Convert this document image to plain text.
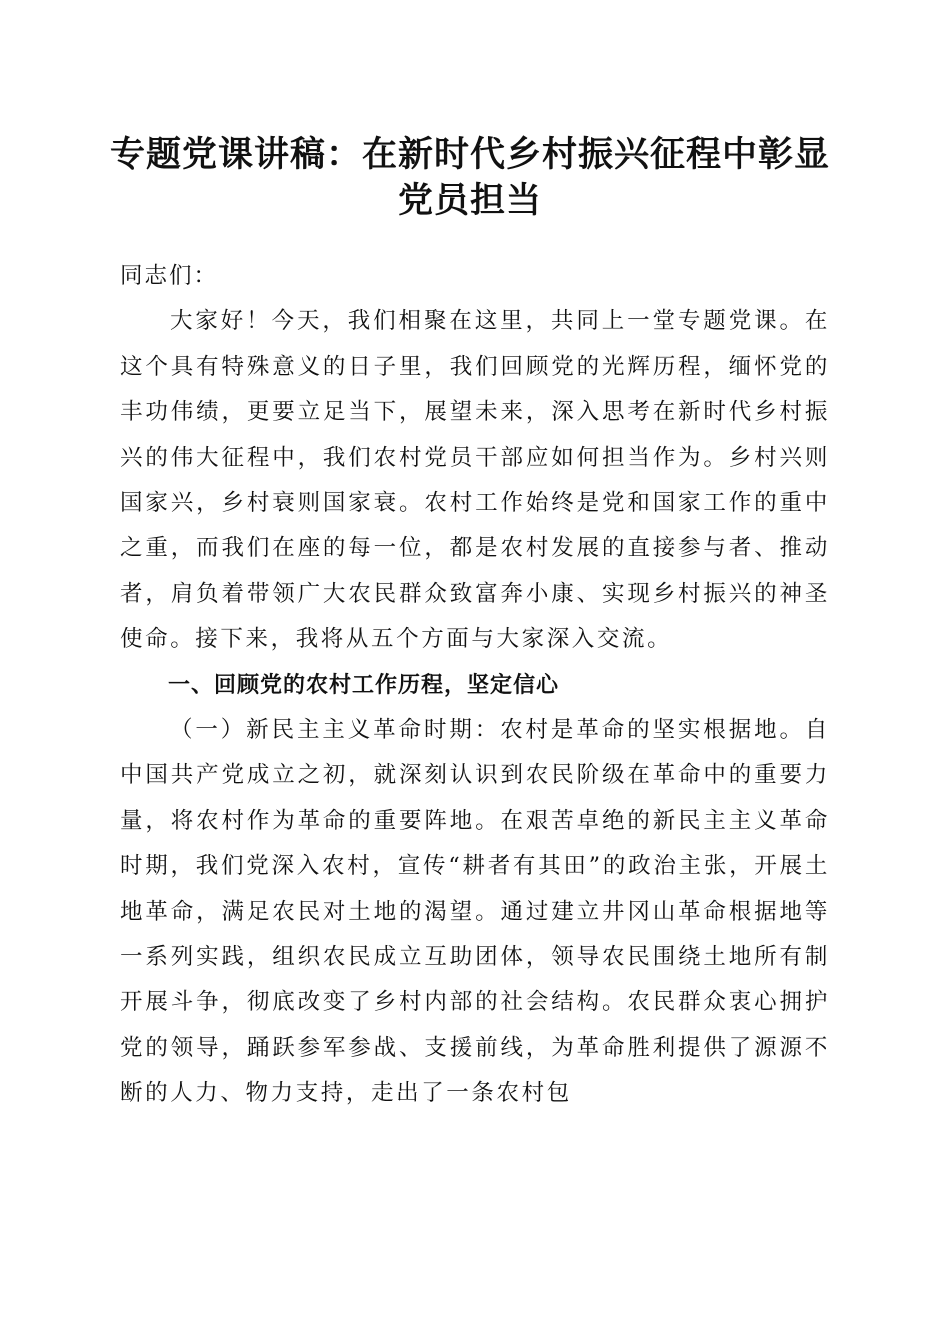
专题党课讲稿：在新时代乡村振兴征程中彰显
党员担当

同志们：

大家好！今天，我们相聚在这里，共同上一堂专题党课。在这个具有特殊意义的日子里，我们回顾党的光辉历程，缅怀党的丰功伟绩，更要立足当下，展望未来，深入思考在新时代乡村振兴的伟大征程中，我们农村党员干部应如何担当作为。乡村兴则国家兴，乡村衰则国家衰。农村工作始终是党和国家工作的重中之重，而我们在座的每一位，都是农村发展的直接参与者、推动者，肩负着带领广大农民群众致富奔小康、实现乡村振兴的神圣使命。接下来，我将从五个方面与大家深入交流。

一、回顾党的农村工作历程，坚定信心

（一）新民主主义革命时期：农村是革命的坚实根据地。自中国共产党成立之初，就深刻认识到农民阶级在革命中的重要力量，将农村作为革命的重要阵地。在艰苦卓绝的新民主主义革命时期，我们党深入农村，宣传“耕者有其田”的政治主张，开展土地革命，满足农民对土地的渴望。通过建立井冈山革命根据地等一系列实践，组织农民成立互助团体，领导农民围绕土地所有制开展斗争，彻底改变了乡村内部的社会结构。农民群众衷心拥护党的领导，踊跃参军参战、支援前线，为革命胜利提供了源源不断的人力、物力支持，走出了一条农村包
